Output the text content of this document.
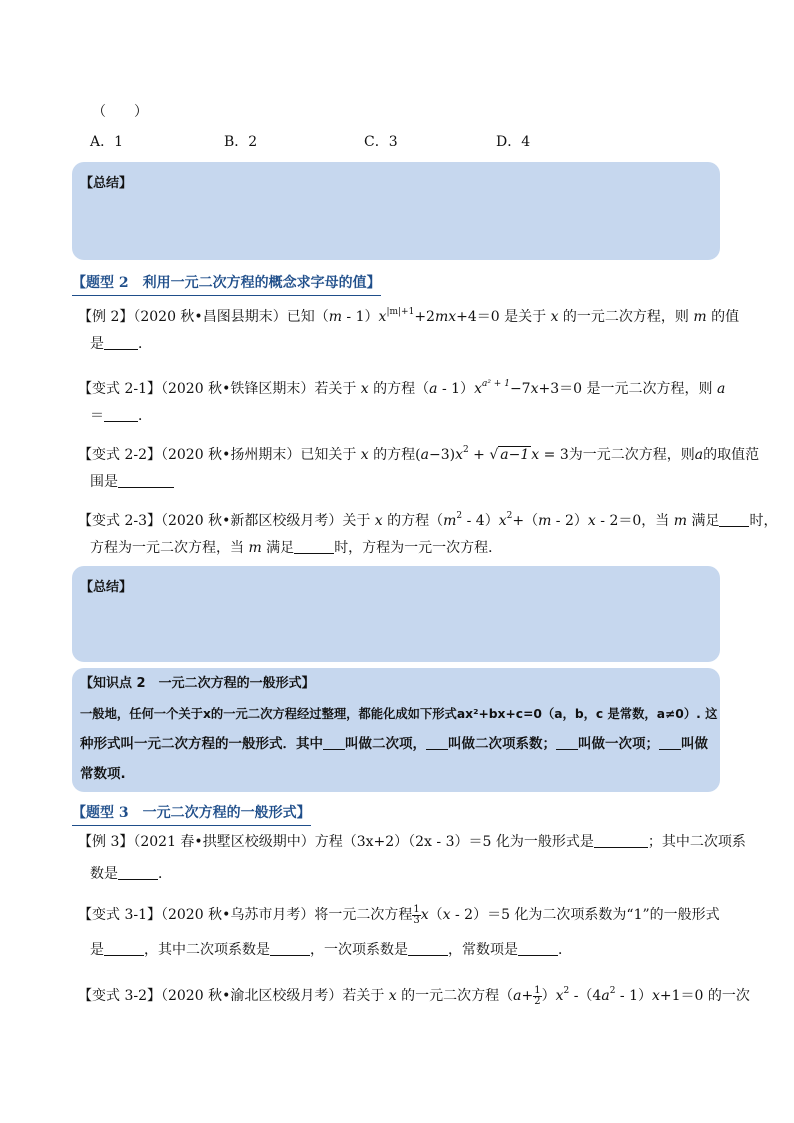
（　　）
A．1	B．2	C．3	D．4
【总结】
【题型 2　利用一元二次方程的概念求字母的值】
【例 2】（2020 秋•昌图县期末）已知$(m - 1)x^{|m|+1}+2mx+4=0$ 是关于 x 的一元二次方程，则 m 的值
是 ．
【变式 2-1】（2020 秋•铁锋区期末）若关于 x 的方程$(a - 1)x^{a^2 + 1}-7x+3=0$ 是一元二次方程，则 a
＝ ．
【变式 2-2】（2020 秋•扬州期末）已知关于 x 的方程$(a-3)x^2$ + √ a−1 x = 3为一元二次方程，则a的取值范
围是
【变式 2-3】（2020 秋•新都区校级月考）关于 x 的方程$(m^2 - 4)x^2+(m - 2)x - 2=0$，当 m 满足 时，
方程为一元二次方程，当 m 满足	时，方程为一元一次方程．
【总结】
【知识点 2　一元二次方程的一般形式】
一般地，任何一个关于x的一元二次方程经过整理，都能化成如下形式ax²+bx+c=0（a，b，c 是常数，a≠0）. 这
种形式叫一元二次方程的一般形式．其中 叫做二次项， 叫做二次项系数； 叫做一次项； 叫做
常数项.
【题型 3　一元二次方程的一般形式】
【例 3】（2021 春•拱墅区校级期中）方程（3x+2）（2x - 3）＝5 化为一般形式是	；其中二次项系
数是	．
【变式 3-1】（2020 秋•乌苏市月考）将一元二次方程 $\frac{1}{3} x(x - 2)=5$ 化为二次项系数为“1”的一般形式
是	，其中二次项系数是	，一次项系数是	，常数项是	．
【变式 3-2】（2020 秋•渝北区校级月考）若关于 x 的一元二次方程$(a+ \frac{1}{2} )x^2$ $-(4a^2 - 1)x+1=0$ 的一次
